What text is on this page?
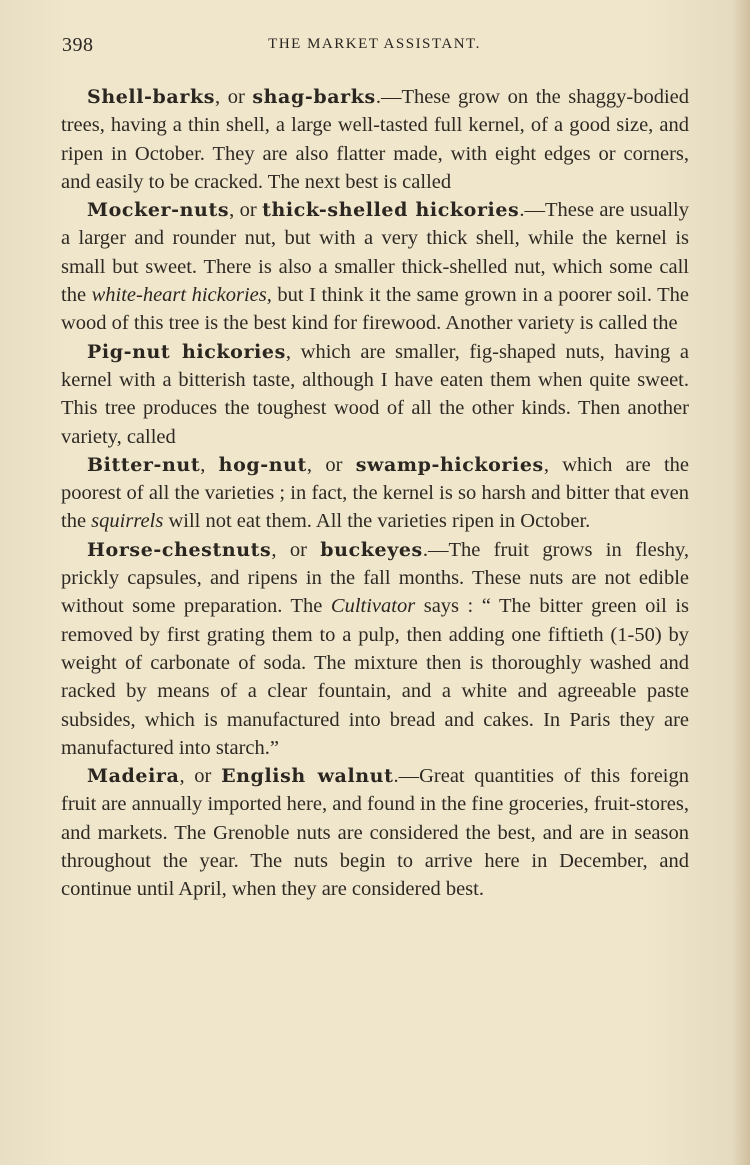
398	THE MARKET ASSISTANT.

Shell-barks, or shag-barks.—These grow on the shaggy-bodied trees, having a thin shell, a large well-tasted full kernel, of a good size, and ripen in October. They are also flatter made, with eight edges or corners, and easily to be cracked. The next best is called

Mocker-nuts, or thick-shelled hickories.—These are usually a larger and rounder nut, but with a very thick shell, while the kernel is small but sweet. There is also a smaller thick-shelled nut, which some call the white-heart hickories, but I think it the same grown in a poorer soil. The wood of this tree is the best kind for firewood. Another variety is called the

Pig-nut hickories, which are smaller, fig-shaped nuts, having a kernel with a bitterish taste, although I have eaten them when quite sweet. This tree produces the toughest wood of all the other kinds. Then another variety, called

Bitter-nut, hog-nut, or swamp-hickories, which are the poorest of all the varieties ; in fact, the kernel is so harsh and bitter that even the squirrels will not eat them. All the varieties ripen in October.

Horse-chestnuts, or buckeyes.—The fruit grows in fleshy, prickly capsules, and ripens in the fall months. These nuts are not edible without some preparation. The Cultivator says : “ The bitter green oil is removed by first grating them to a pulp, then adding one fiftieth (1-50) by weight of carbonate of soda. The mixture then is thoroughly washed and racked by means of a clear fountain, and a white and agreeable paste subsides, which is manufactured into bread and cakes. In Paris they are manufactured into starch.”

Madeira, or English walnut.—Great quantities of this foreign fruit are annually imported here, and found in the fine groceries, fruit-stores, and markets. The Grenoble nuts are considered the best, and are in season throughout the year. The nuts begin to arrive here in December, and continue until April, when they are considered best.
